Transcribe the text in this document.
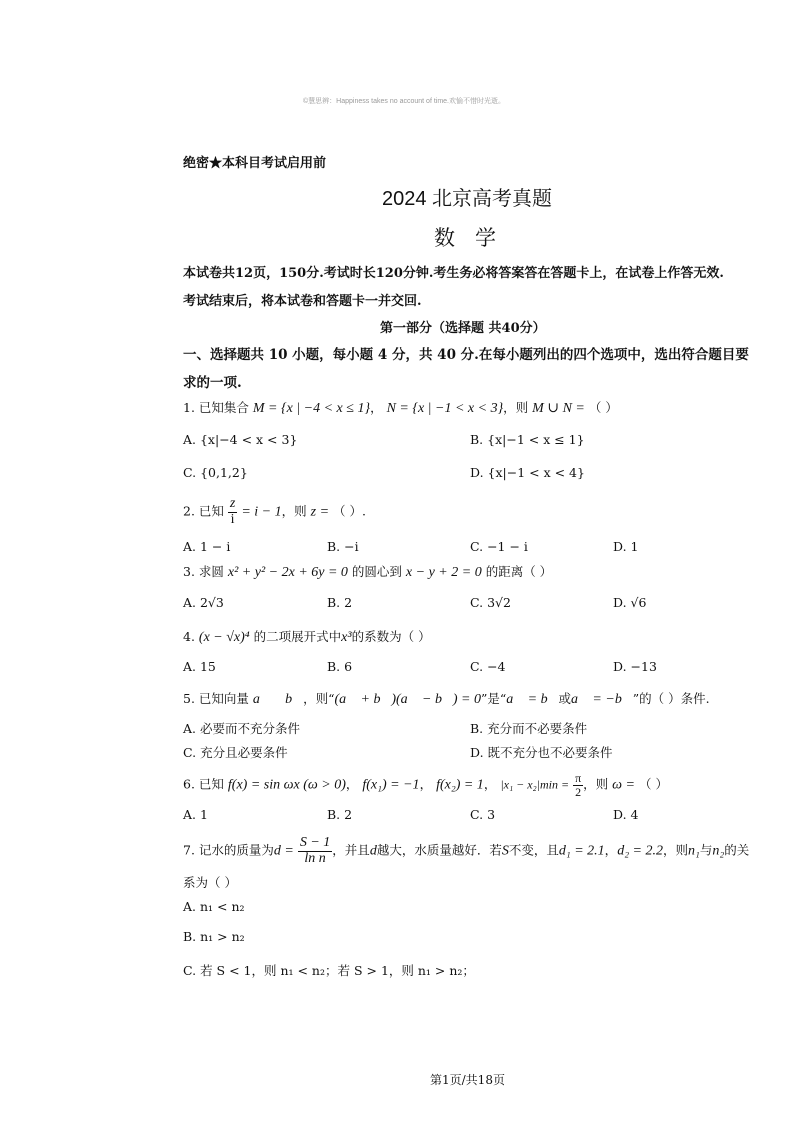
©慧思辨：Happiness takes no account of time.欢愉不惜时光逝。
绝密★本科目考试启用前
2024 北京高考真题
数学
本试卷共12页，150分.考试时长120分钟.考生务必将答案答在答题卡上，在试卷上作答无效.
考试结束后，将本试卷和答题卡一并交回.
第一部分（选择题 共40分）
一、选择题共 10 小题，每小题 4 分，共 40 分.在每小题列出的四个选项中，选出符合题目要
求的一项.
1. 已知集合 M = {x | −4 < x ≤ 1}， N = {x | −1 < x < 3}，则 M ∪ N = （ ）
A. {x|−4 < x < 3}	B. {x|−1 < x ≤ 1}
C. {0,1,2}	D. {x|−1 < x < 4}
2. 已知 $\frac{z}{i} = i - 1$，则 z = （ ）.
A. 1 − i	B. −i	C. −1 − i	D. 1
3. 求圆 x² + y² − 2x + 6y = 0 的圆心到 x − y + 2 = 0 的距离（ ）
A. 2√3	B. 2	C. 3√2	D. √6
4. (x − √x)⁴ 的二项展开式中x³的系数为（ ）
A. 15	B. 6	C. −4	D. −13
5. 已知向量 a⃗ ，b⃗，则“(a⃗ + b⃗)(a⃗ − b⃗) = 0”是“a⃗ = b⃗或a⃗ = −b⃗”的（ ）条件.
A. 必要而不充分条件	B. 充分而不必要条件
C. 充分且必要条件	D. 既不充分也不必要条件
6. 已知 f(x) = sin ωx (ω > 0)， f(x₁) = −1， f(x₂) = 1， $|x_1 - x_2|\min = \frac{\pi}{2}$ ，则 ω = （ ）
A. 1	B. 2	C. 3	D. 4
7. 记水的质量为$d = \frac{S - 1}{\text{ln n}}$ ，并且d越大，水质量越好．若S不变，且d₁ = 2.1，d₂ = 2.2，则n₁与n₂的关
系为（ ）
A. n₁ < n₂
B. n₁ > n₂
C. 若 S < 1，则 n₁ < n₂；若 S > 1，则 n₁ > n₂；
第1页/共18页
